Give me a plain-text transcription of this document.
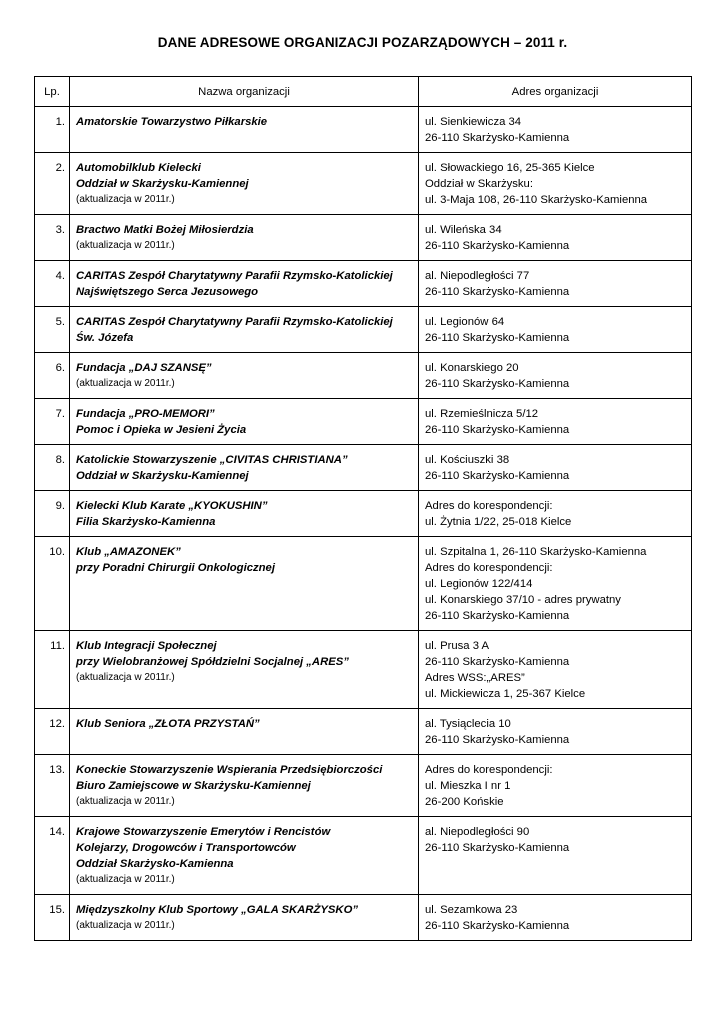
DANE ADRESOWE ORGANIZACJI POZARZĄDOWYCH – 2011 r.
Lp.	Nazwa organizacji	Adres organizacji
1.	Amatorskie Towarzystwo Piłkarskie	ul. Sienkiewicza 34
26-110 Skarżysko-Kamienna

2.	Automobilklub Kielecki
Oddział w Skarżysku-Kamiennej
(aktualizacja w 2011r.)	ul. Słowackiego 16, 25-365 Kielce
Oddział w Skarżysku:
ul. 3-Maja 108, 26-110 Skarżysko-Kamienna

3.	Bractwo Matki Bożej Miłosierdzia
(aktualizacja w 2011r.)	ul. Wileńska 34
26-110 Skarżysko-Kamienna

4.	CARITAS Zespół Charytatywny Parafii Rzymsko-Katolickiej
Najświętszego Serca Jezusowego	al. Niepodległości 77
26-110 Skarżysko-Kamienna

5.	CARITAS Zespół Charytatywny Parafii Rzymsko-Katolickiej
Św. Józefa	ul. Legionów 64
26-110 Skarżysko-Kamienna

6.	Fundacja „DAJ SZANSĘ”
(aktualizacja w 2011r.)	ul. Konarskiego 20
26-110 Skarżysko-Kamienna

7.	Fundacja „PRO-MEMORI”
Pomoc i Opieka w Jesieni Życia	ul. Rzemieślnicza 5/12
26-110 Skarżysko-Kamienna

8.	Katolickie Stowarzyszenie „CIVITAS CHRISTIANA”
Oddział w Skarżysku-Kamiennej	ul. Kościuszki 38
26-110 Skarżysko-Kamienna

9.	Kielecki Klub Karate „KYOKUSHIN”
Filia Skarżysko-Kamienna	Adres do korespondencji:
ul. Żytnia 1/22, 25-018 Kielce

10.	Klub „AMAZONEK”
przy Poradni Chirurgii Onkologicznej	ul. Szpitalna 1, 26-110 Skarżysko-Kamienna
Adres do korespondencji:
ul. Legionów 122/414
ul. Konarskiego 37/10 - adres prywatny
26-110 Skarżysko-Kamienna

11.	Klub Integracji Społecznej
przy Wielobranżowej Spółdzielni Socjalnej „ARES”
(aktualizacja w 2011r.)	ul. Prusa 3 A
26-110 Skarżysko-Kamienna
Adres WSS:„ARES”
ul. Mickiewicza 1, 25-367 Kielce

12.	Klub Seniora „ZŁOTA PRZYSTAŃ”	al. Tysiąclecia 10
26-110 Skarżysko-Kamienna

13.	Koneckie Stowarzyszenie Wspierania Przedsiębiorczości
Biuro Zamiejscowe w Skarżysku-Kamiennej
(aktualizacja w 2011r.)	Adres do korespondencji:
ul. Mieszka I nr 1
26-200 Końskie

14.	Krajowe Stowarzyszenie Emerytów i Rencistów
Kolejarzy, Drogowców i Transportowców
Oddział Skarżysko-Kamienna
(aktualizacja w 2011r.)	al. Niepodległości 90
26-110 Skarżysko-Kamienna

15.	Międzyszkolny Klub Sportowy „GALA SKARŻYSKO”
(aktualizacja w 2011r.)	ul. Sezamkowa 23
26-110 Skarżysko-Kamienna
